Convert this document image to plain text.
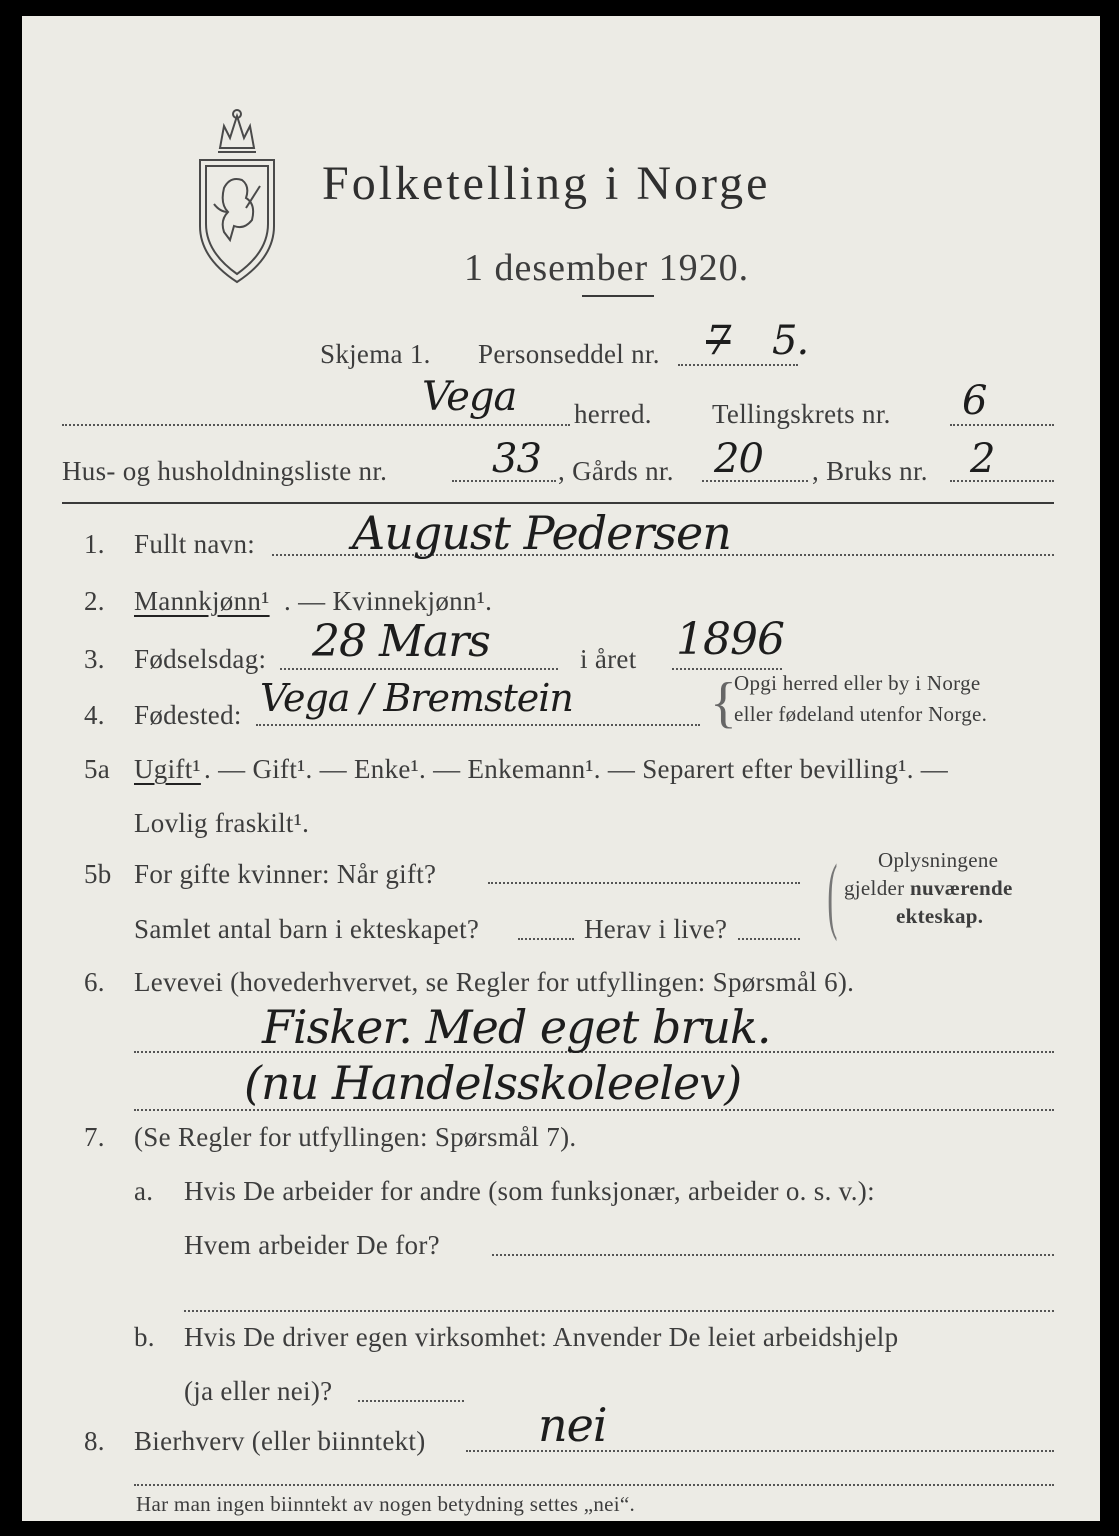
Folketelling i Norge
1 desember 1920.
Skjema 1. Personseddel nr. 7 5.
Vega herred. Tellingskrets nr. 6
Hus- og husholdningsliste nr.	33 , Gårds nr. 20 , Bruks nr. 2
1. Fullt navn: August Pedersen
2. Mannkjønn¹ . — Kvinnekjønn¹.
3. Fødselsdag: 28 Mars	i året 1896
4. Fødested: Vega / Bremstein {
Opgi herred eller by i Norge
eller fødeland utenfor Norge.
5a Ugift¹ . — Gift¹. — Enke¹. — Enkemann¹. — Separert efter bevilling¹. —
Lovlig fraskilt¹.
5b For gifte kvinner: Når gift?
Samlet antal barn i ekteskapet?	Herav i live? ( Oplysningene
gjelder nuværende
ekteskap.
6. Levevei (hovederhvervet, se Regler for utfyllingen: Spørsmål 6).
Fisker. Med eget bruk.
(nu Handelsskoleelev)
7. (Se Regler for utfyllingen: Spørsmål 7).
a. Hvis De arbeider for andre (som funksjonær, arbeider o. s. v.):
Hvem arbeider De for?
b. Hvis De driver egen virksomhet: Anvender De leiet arbeidshjelp
(ja eller nei)?
8. Bierhverv (eller biinntekt) nei
Har man ingen biinntekt av nogen betydning settes „nei“.
